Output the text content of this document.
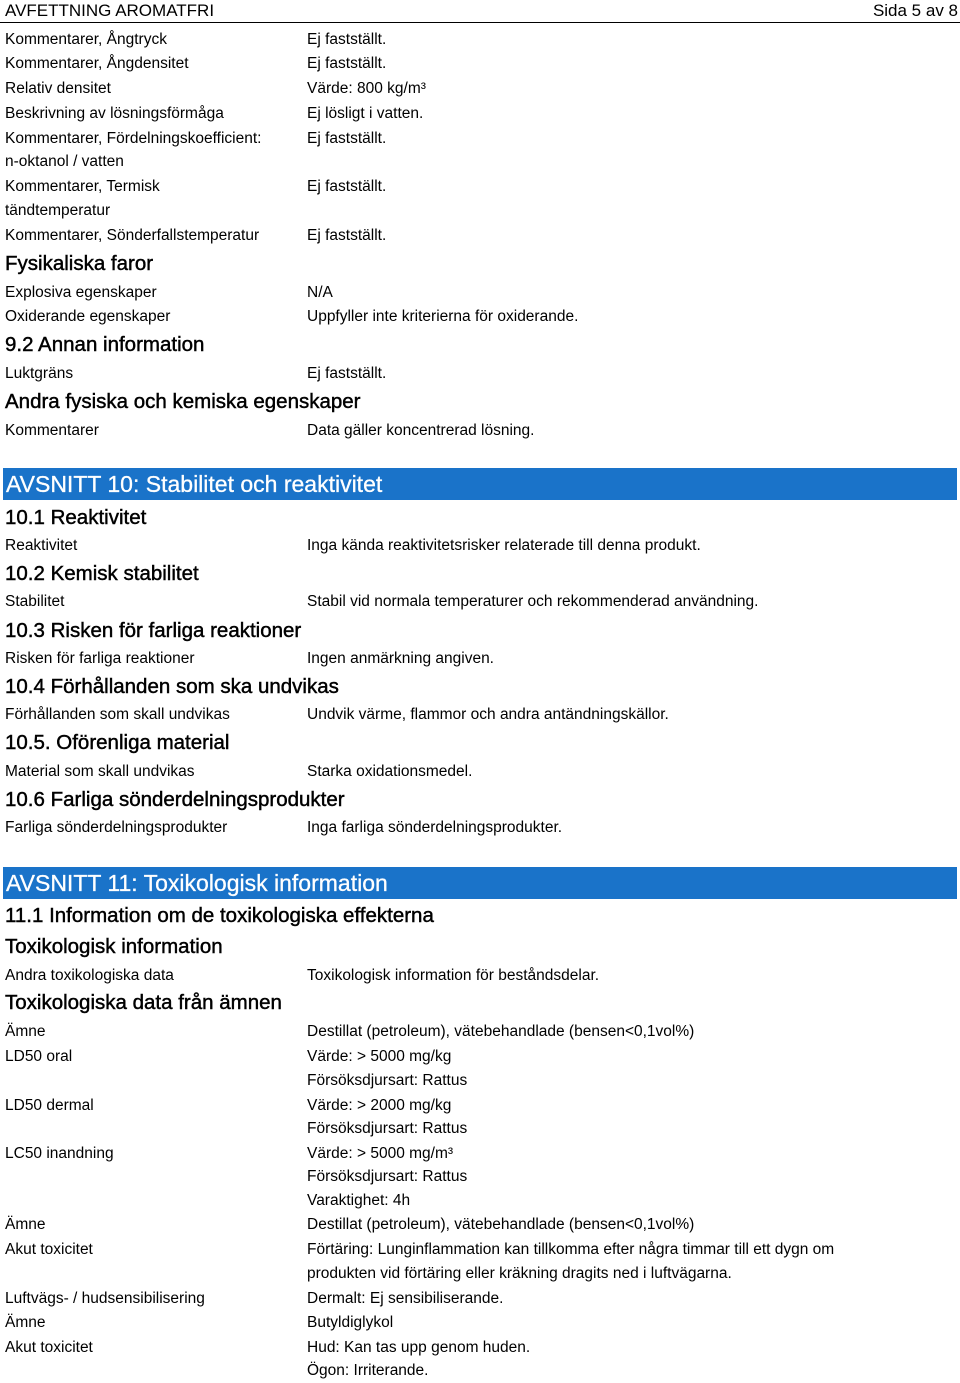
AVFETTNING AROMATFRI	Sida 5 av 8
Kommentarer, Ångtryck	Ej fastställt.
Kommentarer, Ångdensitet	Ej fastställt.
Relativ densitet	Värde: 800 kg/m³
Beskrivning av lösningsförmåga	Ej lösligt i vatten.
Kommentarer, Fördelningskoefficient:	Ej fastställt.
n-oktanol / vatten
Kommentarer, Termisk	Ej fastställt.
tändtemperatur
Kommentarer, Sönderfallstemperatur	Ej fastställt.
Fysikaliska faror
Explosiva egenskaper	N/A
Oxiderande egenskaper	Uppfyller inte kriterierna för oxiderande.
9.2 Annan information
Luktgräns	Ej fastställt.
Andra fysiska och kemiska egenskaper
Kommentarer	Data gäller koncentrerad lösning.
AVSNITT 10: Stabilitet och reaktivitet
10.1 Reaktivitet
Reaktivitet	Inga kända reaktivitetsrisker relaterade till denna produkt.
10.2 Kemisk stabilitet
Stabilitet	Stabil vid normala temperaturer och rekommenderad användning.
10.3 Risken för farliga reaktioner
Risken för farliga reaktioner	Ingen anmärkning angiven.
10.4 Förhållanden som ska undvikas
Förhållanden som skall undvikas	Undvik värme, flammor och andra antändningskällor.
10.5. Oförenliga material
Material som skall undvikas	Starka oxidationsmedel.
10.6 Farliga sönderdelningsprodukter
Farliga sönderdelningsprodukter	Inga farliga sönderdelningsprodukter.
AVSNITT 11: Toxikologisk information
11.1 Information om de toxikologiska effekterna
Toxikologisk information
Andra toxikologiska data	Toxikologisk information för beståndsdelar.
Toxikologiska data från ämnen
Ämne	Destillat (petroleum), vätebehandlade (bensen<0,1vol%)
LD50 oral	Värde: > 5000 mg/kg
Försöksdjursart: Rattus
LD50 dermal	Värde: > 2000 mg/kg
Försöksdjursart: Rattus
LC50 inandning	Värde: > 5000 mg/m³
Försöksdjursart: Rattus
Varaktighet: 4h
Ämne	Destillat (petroleum), vätebehandlade (bensen<0,1vol%)
Akut toxicitet	Förtäring: Lunginflammation kan tillkomma efter några timmar till ett dygn om
produkten vid förtäring eller kräkning dragits ned i luftvägarna.
Luftvägs- / hudsensibilisering	Dermalt: Ej sensibiliserande.
Ämne	Butyldiglykol
Akut toxicitet	Hud: Kan tas upp genom huden.
Ögon: Irriterande.
